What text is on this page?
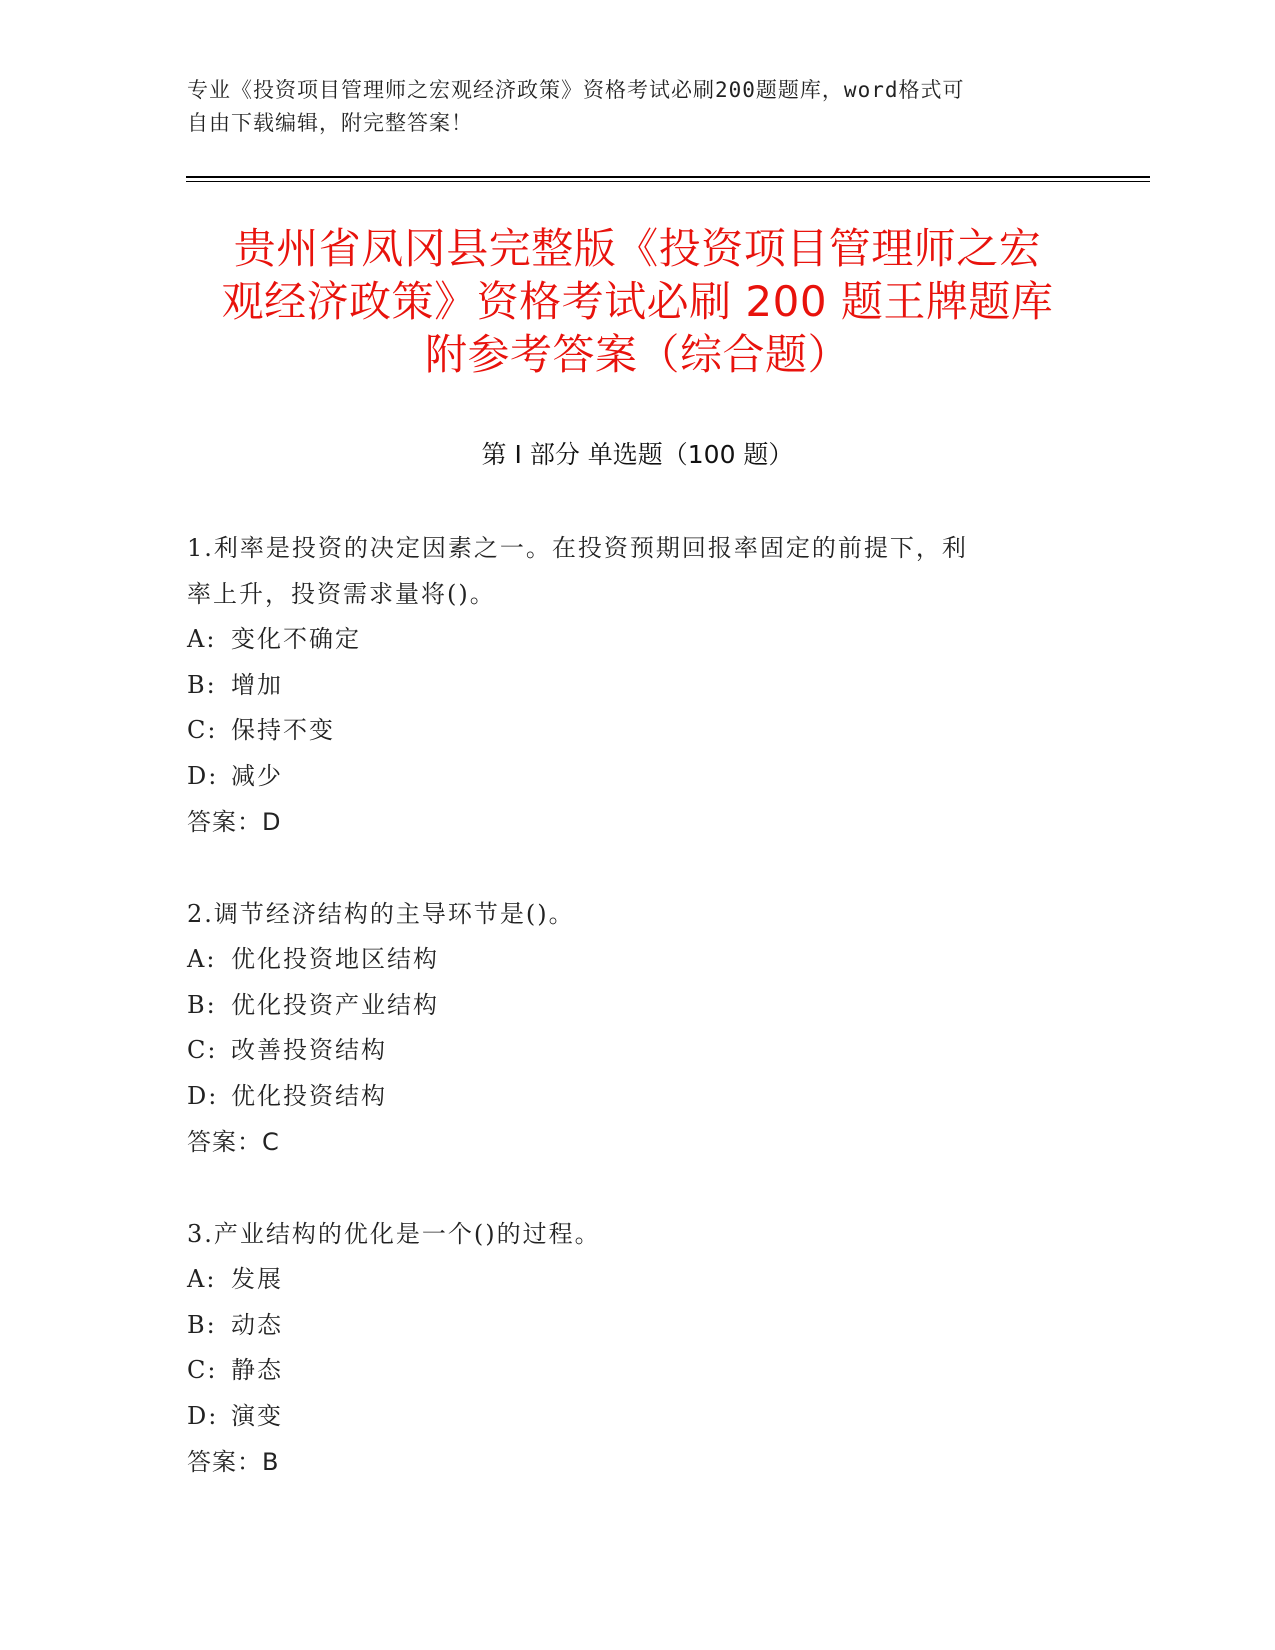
专业《投资项目管理师之宏观经济政策》资格考试必刷200题题库，word格式可
自由下载编辑，附完整答案！
贵州省凤冈县完整版《投资项目管理师之宏
观经济政策》资格考试必刷 200 题王牌题库
附参考答案（综合题）
第 I 部分 单选题（100 题）

1.利率是投资的决定因素之一。在投资预期回报率固定的前提下，利

率上升，投资需求量将()。

A: 变化不确定
B: 增加
C: 保持不变
D: 减少

答案：D

2.调节经济结构的主导环节是()。

A: 优化投资地区结构
B: 优化投资产业结构
C: 改善投资结构
D: 优化投资结构

答案：C

3.产业结构的优化是一个()的过程。

A: 发展
B: 动态
C: 静态
D: 演变

答案：B
